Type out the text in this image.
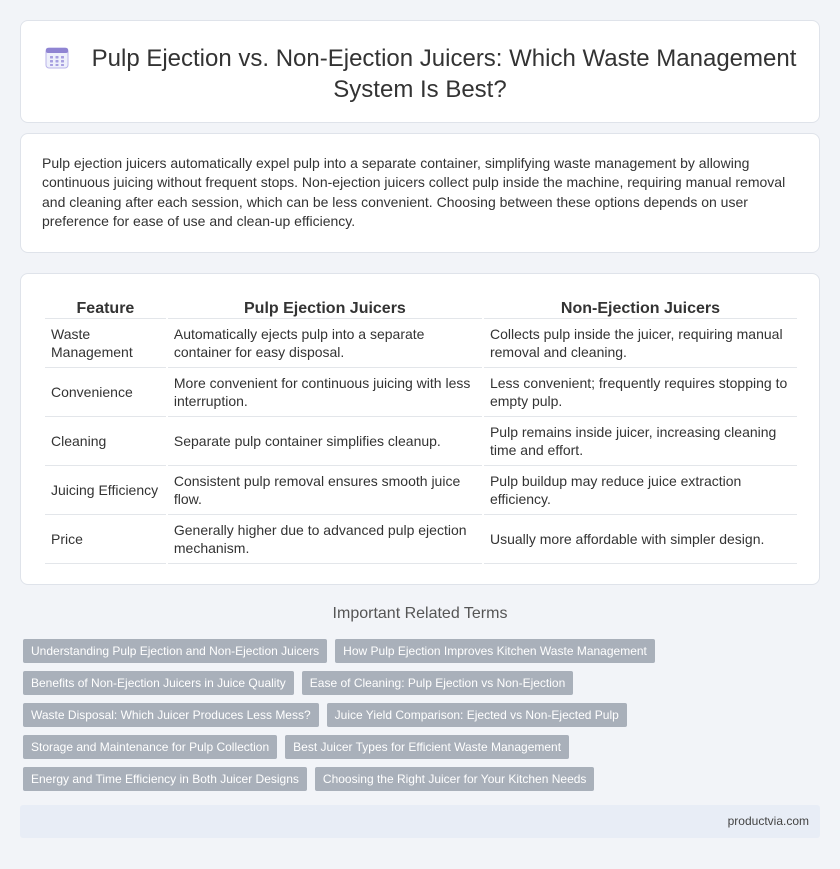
Pulp Ejection vs. Non-Ejection Juicers: Which Waste Management System Is Best?

Pulp ejection juicers automatically expel pulp into a separate container, simplifying waste management by allowing continuous juicing without frequent stops. Non-ejection juicers collect pulp inside the machine, requiring manual removal and cleaning after each session, which can be less convenient. Choosing between these options depends on user preference for ease of use and clean-up efficiency.

Feature	Pulp Ejection Juicers	Non-Ejection Juicers
Waste Management	Automatically ejects pulp into a separate container for easy disposal.	Collects pulp inside the juicer, requiring manual removal and cleaning.
Convenience	More convenient for continuous juicing with less interruption.	Less convenient; frequently requires stopping to empty pulp.
Cleaning	Separate pulp container simplifies cleanup.	Pulp remains inside juicer, increasing cleaning time and effort.
Juicing Efficiency	Consistent pulp removal ensures smooth juice flow.	Pulp buildup may reduce juice extraction efficiency.
Price	Generally higher due to advanced pulp ejection mechanism.	Usually more affordable with simpler design.
Important Related Terms
Understanding Pulp Ejection and Non-Ejection Juicers	How Pulp Ejection Improves Kitchen Waste Management
Benefits of Non-Ejection Juicers in Juice Quality	Ease of Cleaning: Pulp Ejection vs Non-Ejection
Waste Disposal: Which Juicer Produces Less Mess?	Juice Yield Comparison: Ejected vs Non-Ejected Pulp
Storage and Maintenance for Pulp Collection	Best Juicer Types for Efficient Waste Management
Energy and Time Efficiency in Both Juicer Designs	Choosing the Right Juicer for Your Kitchen Needs
productvia.com
